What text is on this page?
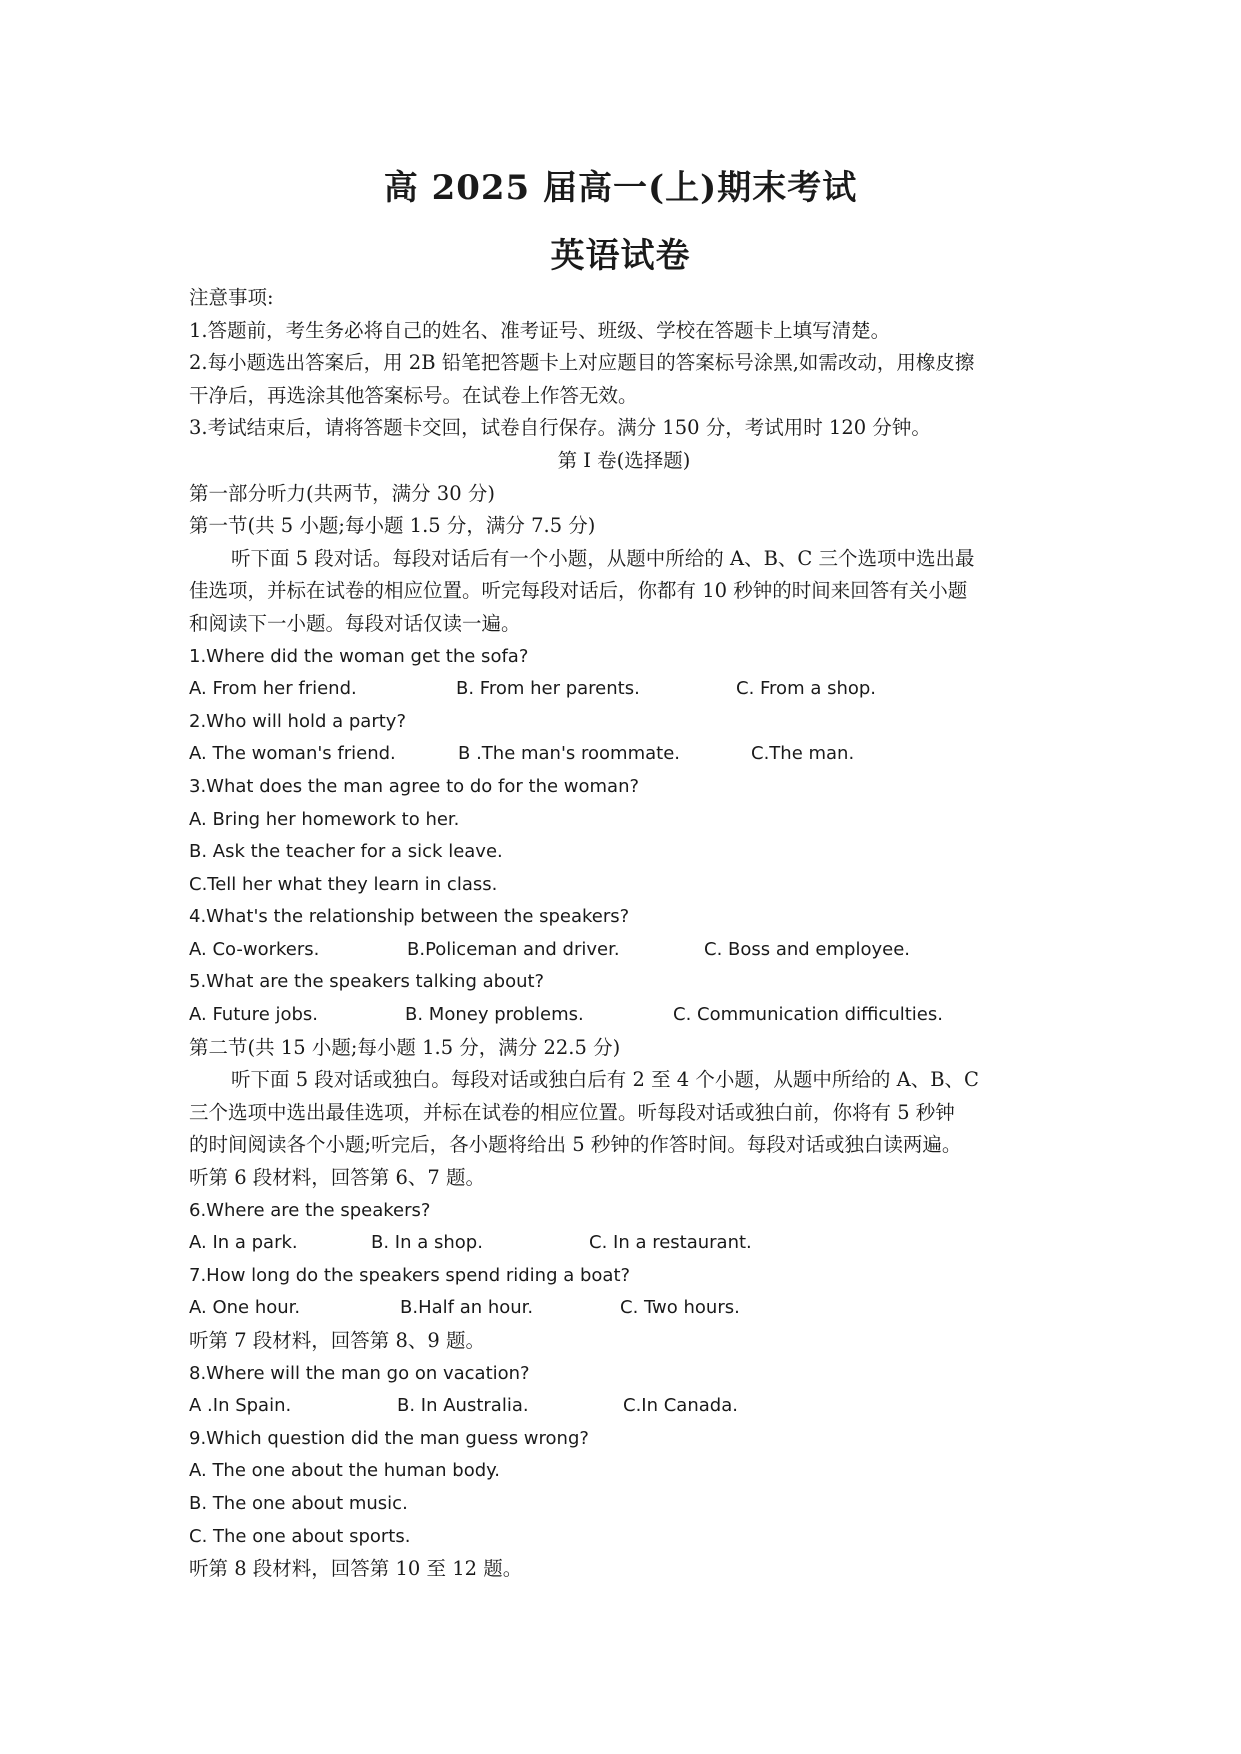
高 2025 届高一(上)期末考试
英语试卷
注意事项:
1.答题前，考生务必将自己的姓名、准考证号、班级、学校在答题卡上填写清楚。
2.每小题选出答案后，用 2B 铅笔把答题卡上对应题目的答案标号涂黑,如需改动，用橡皮擦
干净后，再选涂其他答案标号。在试卷上作答无效。
3.考试结束后，请将答题卡交回，试卷自行保存。满分 150 分，考试用时 120 分钟。
第 I 卷(选择题)
第一部分听力(共两节，满分 30 分)
第一节(共 5 小题;每小题 1.5 分，满分 7.5 分)
听下面 5 段对话。每段对话后有一个小题，从题中所给的 A、B、C 三个选项中选出最
佳选项，并标在试卷的相应位置。听完每段对话后，你都有 10 秒钟的时间来回答有关小题
和阅读下一小题。每段对话仅读一遍。
1.Where did the woman get the sofa?
A. From her friend.	B. From her parents.	C. From a shop.
2.Who will hold a party?
A. The woman's friend.	B .The man's roommate.	C.The man.
3.What does the man agree to do for the woman?
A. Bring her homework to her.
B. Ask the teacher for a sick leave.
C.Tell her what they learn in class.
4.What's the relationship between the speakers?
A. Co-workers.	B.Policeman and driver.	C. Boss and employee.
5.What are the speakers talking about?
A. Future jobs.	B. Money problems.	C. Communication difficulties.
第二节(共 15 小题;每小题 1.5 分，满分 22.5 分)
听下面 5 段对话或独白。每段对话或独白后有 2 至 4 个小题，从题中所给的 A、B、C
三个选项中选出最佳选项，并标在试卷的相应位置。听每段对话或独白前，你将有 5 秒钟
的时间阅读各个小题;听完后，各小题将给出 5 秒钟的作答时间。每段对话或独白读两遍。
听第 6 段材料，回答第 6、7 题。
6.Where are the speakers?
A. In a park.	B. In a shop.	C. In a restaurant.
7.How long do the speakers spend riding a boat?
A. One hour.	B.Half an hour.	C. Two hours.
听第 7 段材料，回答第 8、9 题。
8.Where will the man go on vacation?
A .In Spain.	B. In Australia.	C.In Canada.
9.Which question did the man guess wrong?
A. The one about the human body.
B. The one about music.
C. The one about sports.
听第 8 段材料，回答第 10 至 12 题。
